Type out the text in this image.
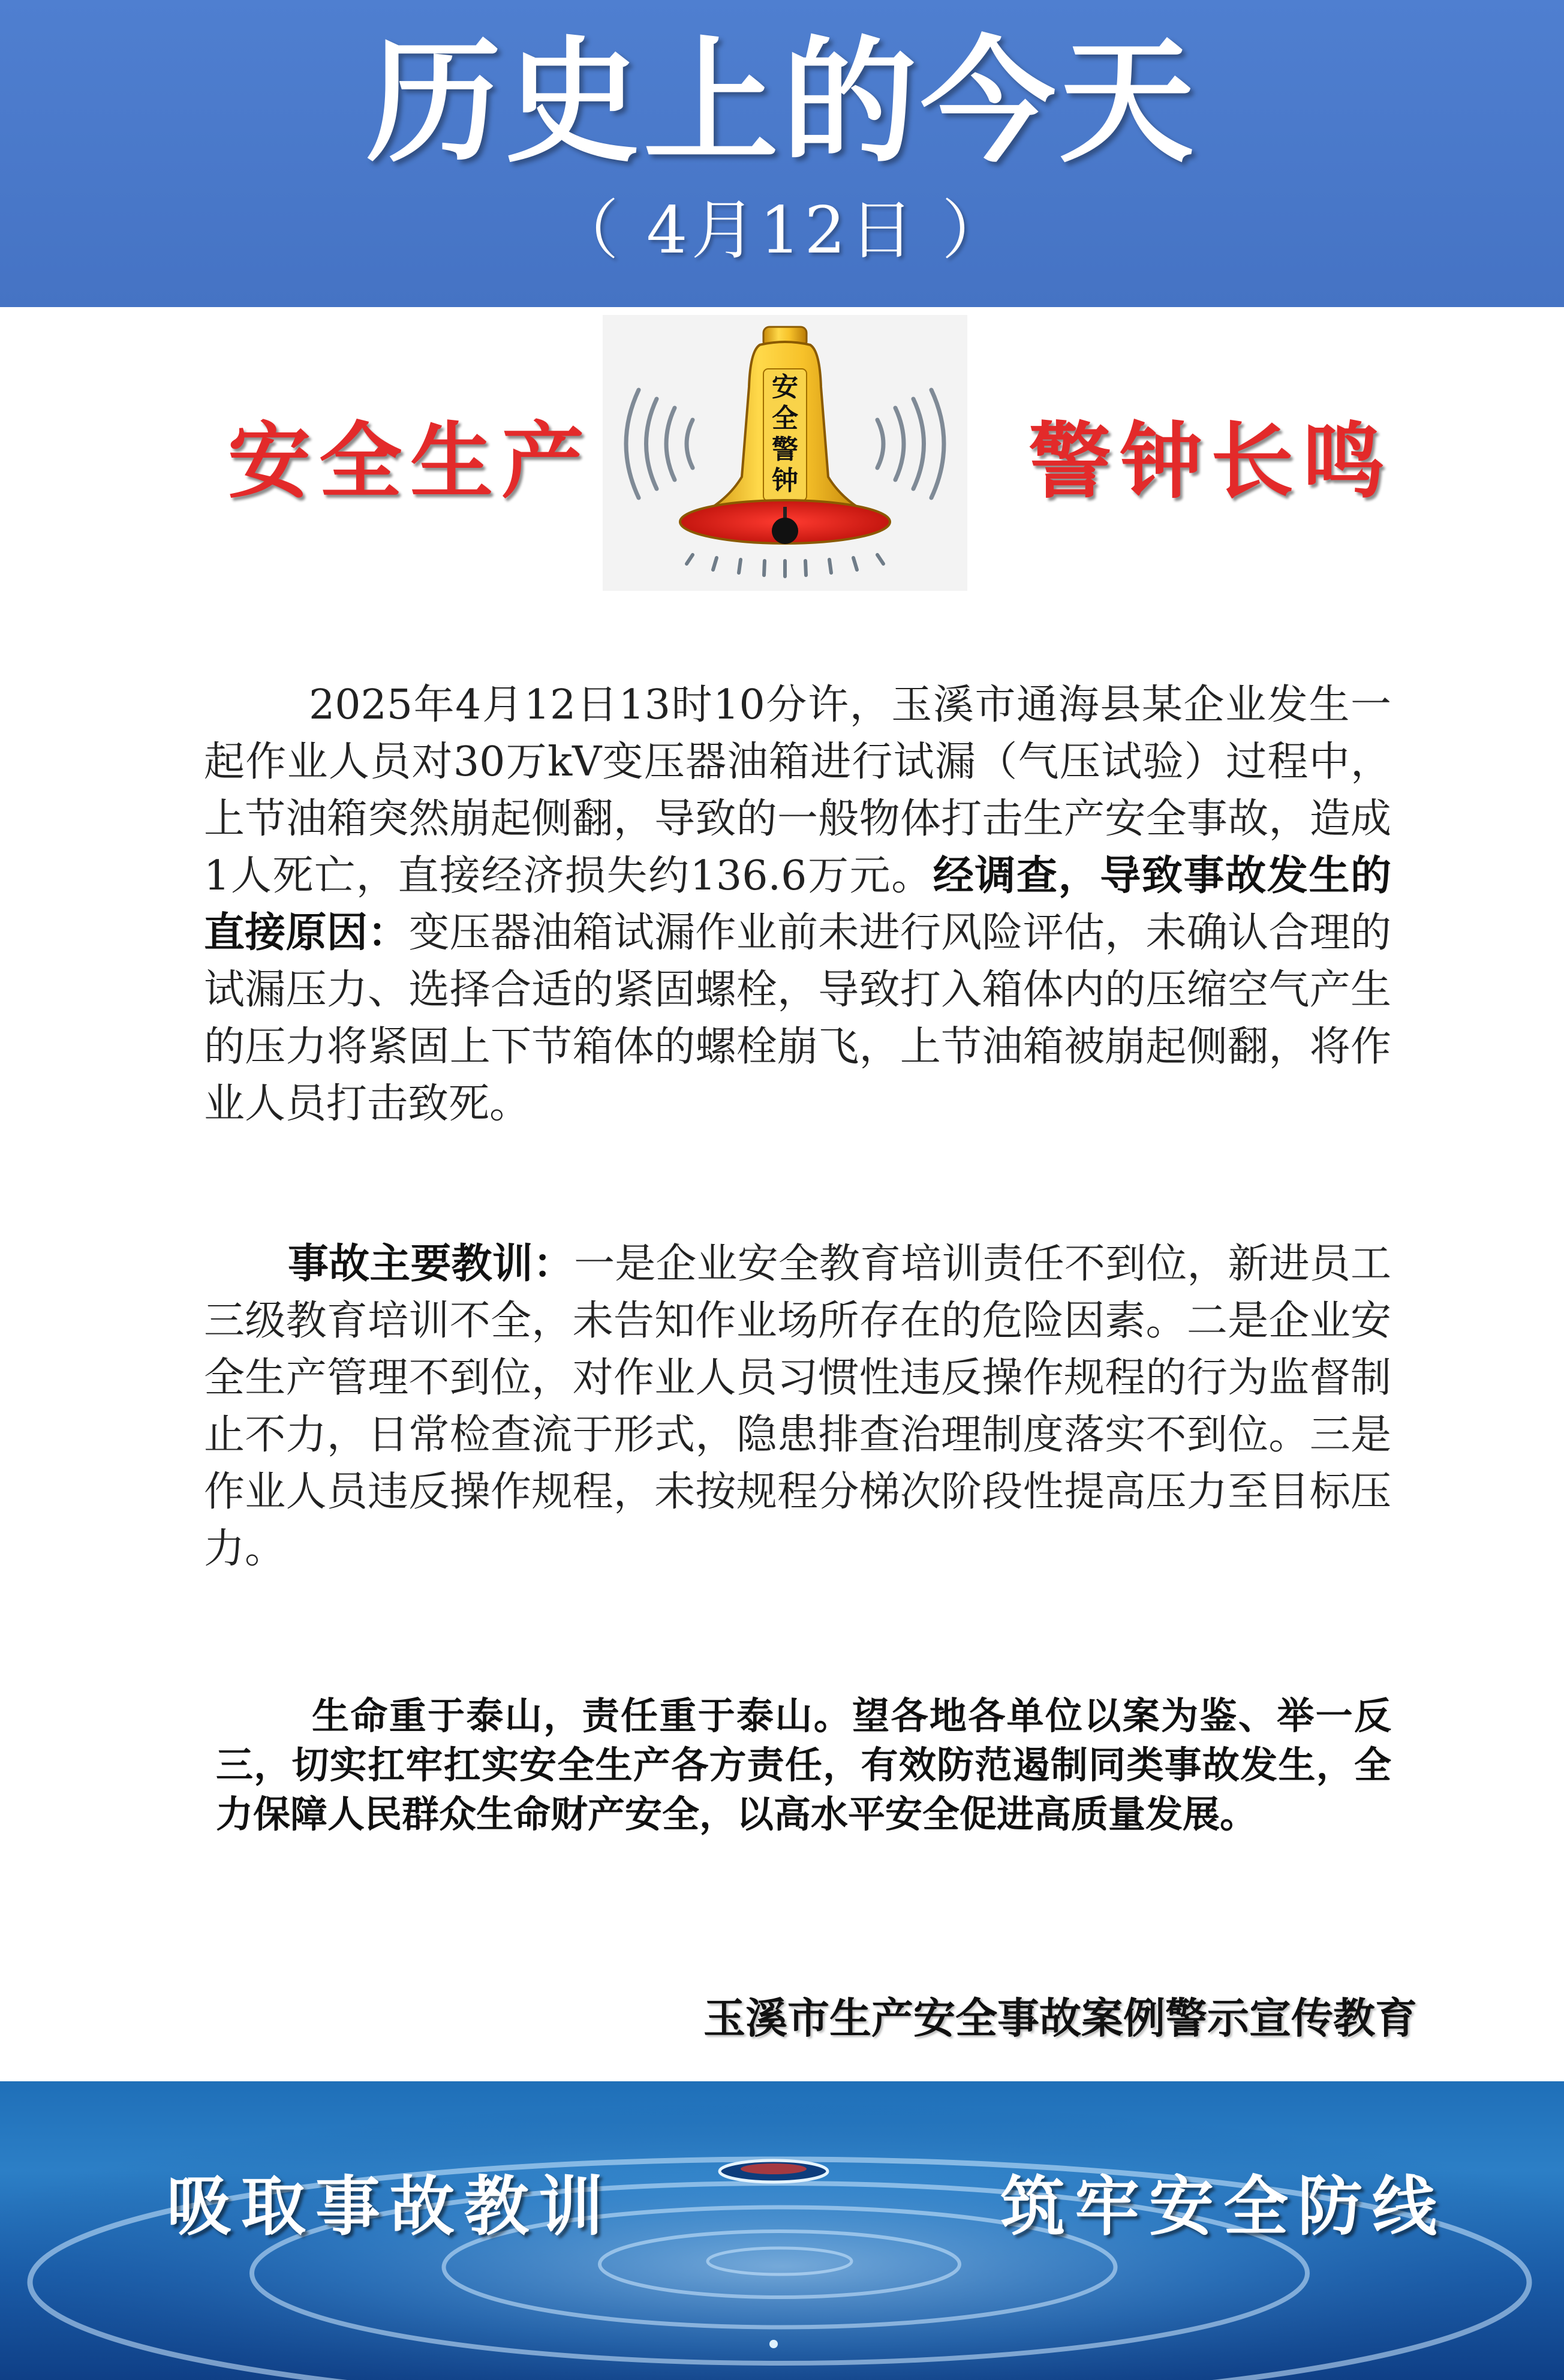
历史上的今天
（ 4月12日 ）
安全生产
安全警钟	警钟长鸣

2025年4月12日13时10分许，玉溪市通海县某企业发生一起作业人员对30万kV变压器油箱进行试漏（气压试验）过程中，上节油箱突然崩起侧翻，导致的一般物体打击生产安全事故，造成1人死亡，直接经济损失约136.6万元。经调查，导致事故发生的直接原因：变压器油箱试漏作业前未进行风险评估，未确认合理的试漏压力、选择合适的紧固螺栓，导致打入箱体内的压缩空气产生的压力将紧固上下节箱体的螺栓崩飞，上节油箱被崩起侧翻，将作业人员打击致死。

事故主要教训：一是企业安全教育培训责任不到位，新进员工三级教育培训不全，未告知作业场所存在的危险因素。二是企业安全生产管理不到位，对作业人员习惯性违反操作规程的行为监督制止不力，日常检查流于形式，隐患排查治理制度落实不到位。三是作业人员违反操作规程，未按规程分梯次阶段性提高压力至目标压力。

生命重于泰山，责任重于泰山。望各地各单位以案为鉴、举一反三，切实扛牢扛实安全生产各方责任，有效防范遏制同类事故发生，全力保障人民群众生命财产安全，以高水平安全促进高质量发展。

玉溪市生产安全事故案例警示宣传教育
吸取事故教训	筑牢安全防线
